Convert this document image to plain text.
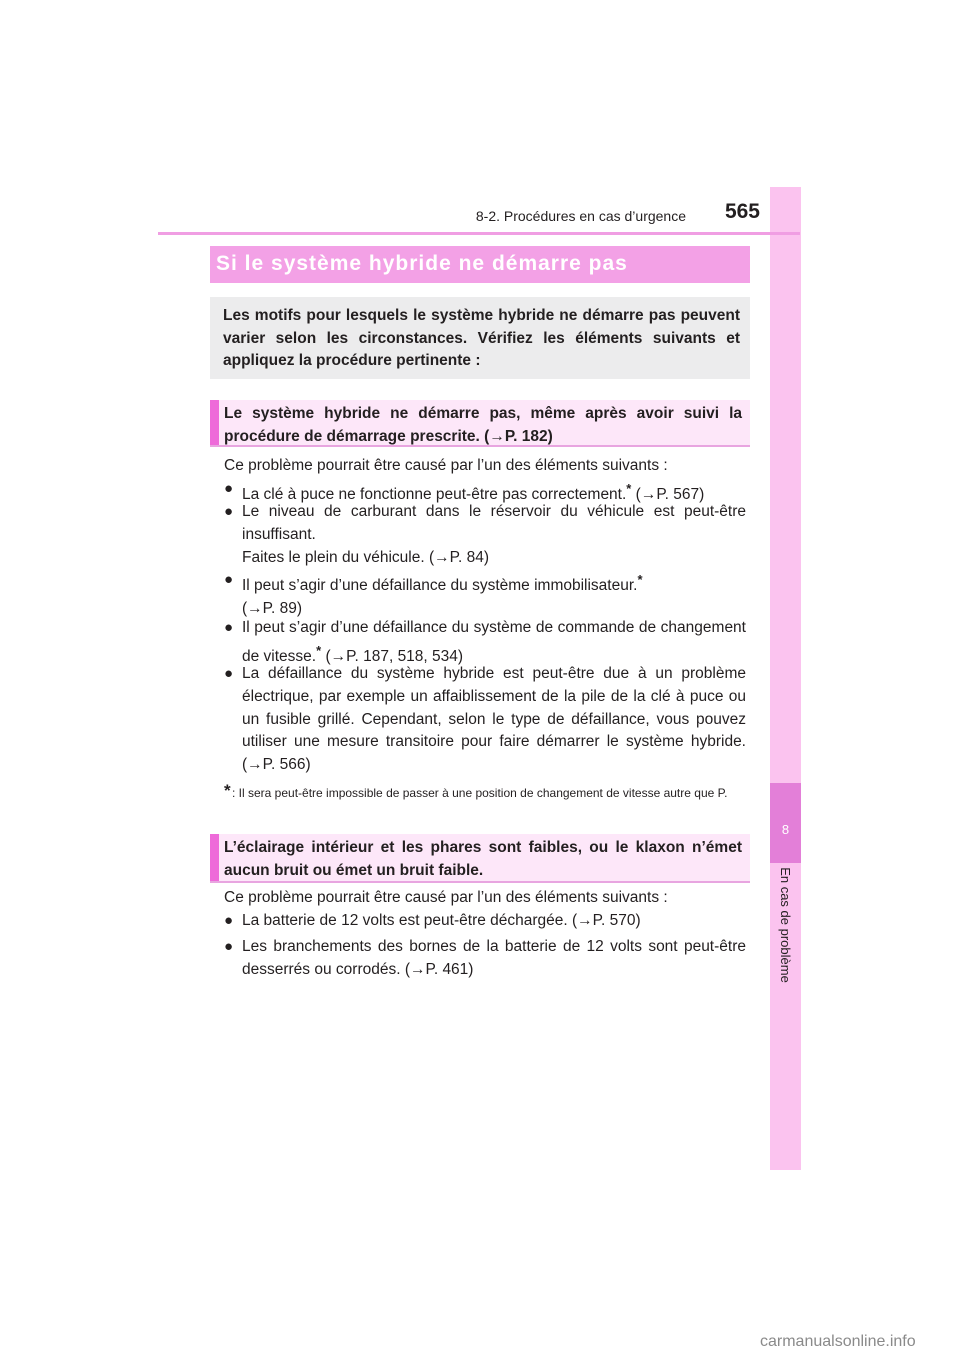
8
En cas de problème
8-2. Procédures en cas d’urgence	565
Si le système hybride ne démarre pas
Les motifs pour lesquels le système hybride ne démarre pas peuvent varier selon les circonstances. Vérifiez les éléments suivants et appliquez la procédure pertinente :
Le système hybride ne démarre pas, même après avoir suivi la procédure de démarrage prescrite. (→P. 182)
Ce problème pourrait être causé par l’un des éléments suivants :
● La clé à puce ne fonctionne peut-être pas correctement.* (→P. 567)
● Le niveau de carburant dans le réservoir du véhicule est peut-être insuffisant.
Faites le plein du véhicule. (→P. 84)
● Il peut s’agir d’une défaillance du système immobilisateur.*
(→P. 89)
● Il peut s’agir d’une défaillance du système de commande de changement de vitesse.* (→P. 187, 518, 534)
● La défaillance du système hybride est peut-être due à un problème électrique, par exemple un affaiblissement de la pile de la clé à puce ou un fusible grillé. Cependant, selon le type de défaillance, vous pouvez utiliser une mesure transitoire pour faire démarrer le système hybride. (→P. 566)
* : Il sera peut-être impossible de passer à une position de changement de vitesse autre que P.
L’éclairage intérieur et les phares sont faibles, ou le klaxon n’émet aucun bruit ou émet un bruit faible.
Ce problème pourrait être causé par l’un des éléments suivants :
● La batterie de 12 volts est peut-être déchargée. (→P. 570)
● Les branchements des bornes de la batterie de 12 volts sont peut-être desserrés ou corrodés. (→P. 461)
carmanualsonline.info
